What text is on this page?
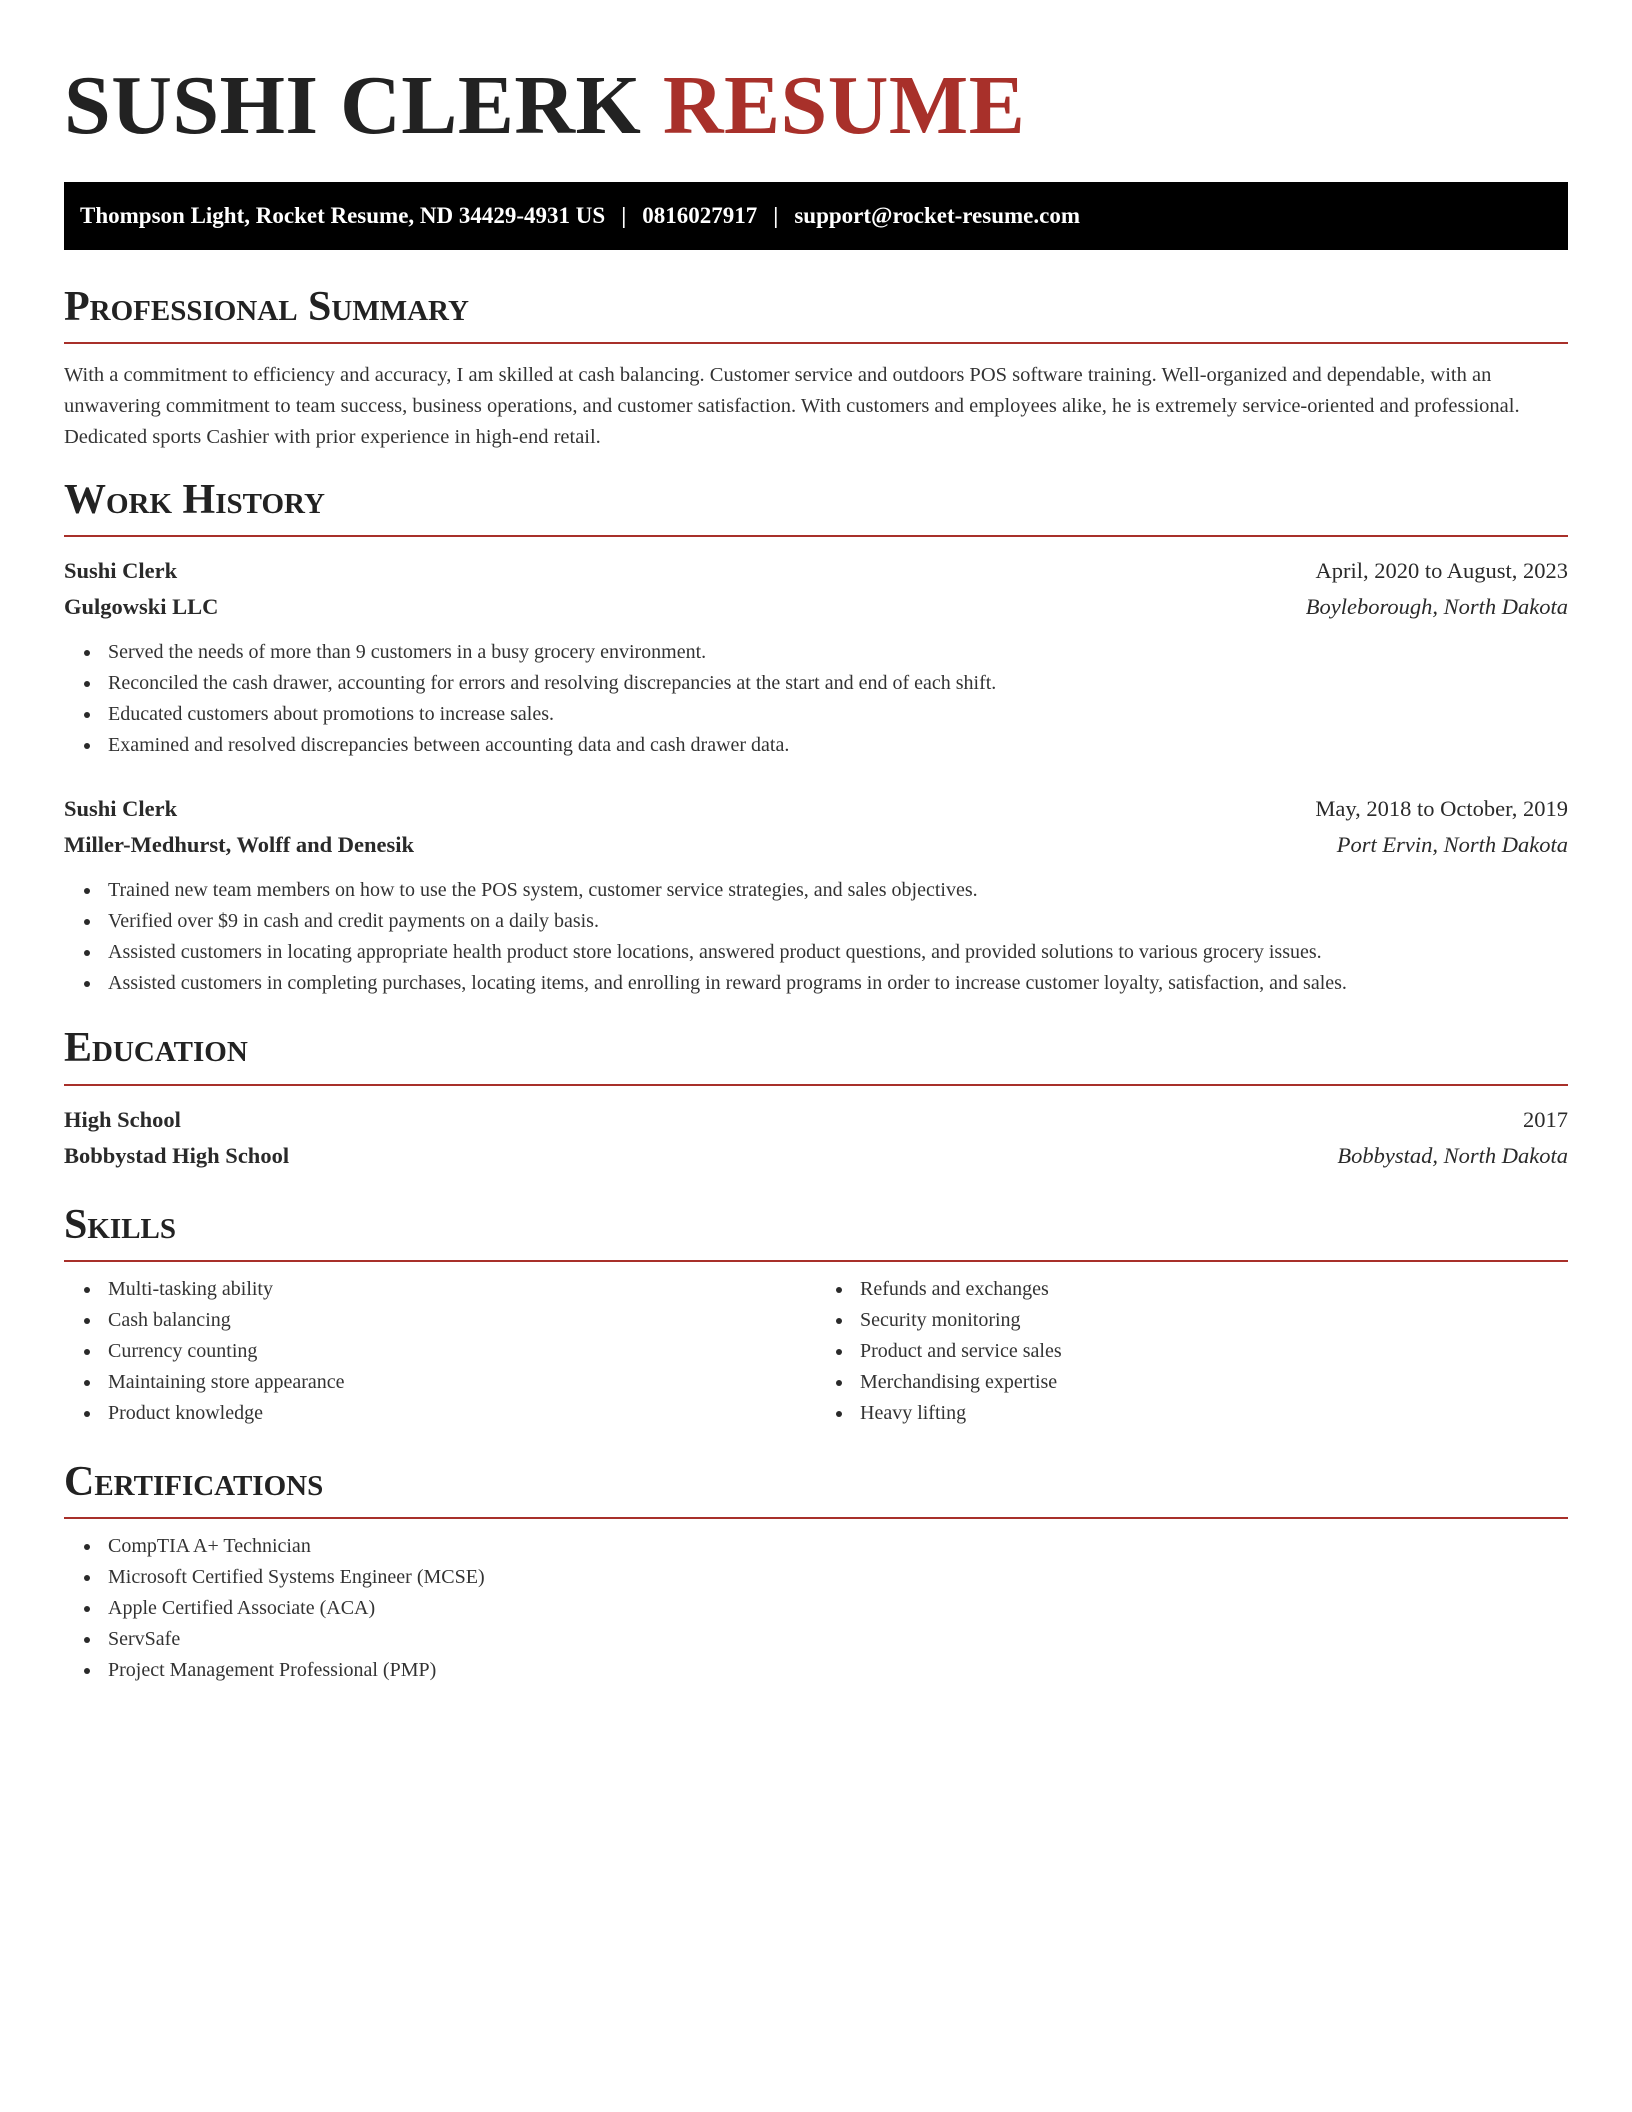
SUSHI CLERK RESUME
Thompson Light, Rocket Resume, ND 34429-4931 US | 0816027917 | support@rocket-resume.com
Professional Summary

With a commitment to efficiency and accuracy, I am skilled at cash balancing. Customer service and outdoors POS software training. Well-organized and dependable, with an unwavering commitment to team success, business operations, and customer satisfaction. With customers and employees alike, he is extremely service-oriented and professional. Dedicated sports Cashier with prior experience in high-end retail.

Work History
Sushi Clerk	April, 2020 to August, 2023
Gulgowski LLC	Boyleborough, North Dakota
Served the needs of more than 9 customers in a busy grocery environment.
Reconciled the cash drawer, accounting for errors and resolving discrepancies at the start and end of each shift.
Educated customers about promotions to increase sales.
Examined and resolved discrepancies between accounting data and cash drawer data.
Sushi Clerk	May, 2018 to October, 2019
Miller-Medhurst, Wolff and Denesik	Port Ervin, North Dakota
Trained new team members on how to use the POS system, customer service strategies, and sales objectives.
Verified over $9 in cash and credit payments on a daily basis.
Assisted customers in locating appropriate health product store locations, answered product questions, and provided solutions to various grocery issues.
Assisted customers in completing purchases, locating items, and enrolling in reward programs in order to increase customer loyalty, satisfaction, and sales.
Education
High School	2017
Bobbystad High School	Bobbystad, North Dakota
Skills
Multi-tasking ability
Cash balancing
Currency counting
Maintaining store appearance
Product knowledge
Refunds and exchanges
Security monitoring
Product and service sales
Merchandising expertise
Heavy lifting
Certifications
CompTIA A+ Technician
Microsoft Certified Systems Engineer (MCSE)
Apple Certified Associate (ACA)
ServSafe
Project Management Professional (PMP)
